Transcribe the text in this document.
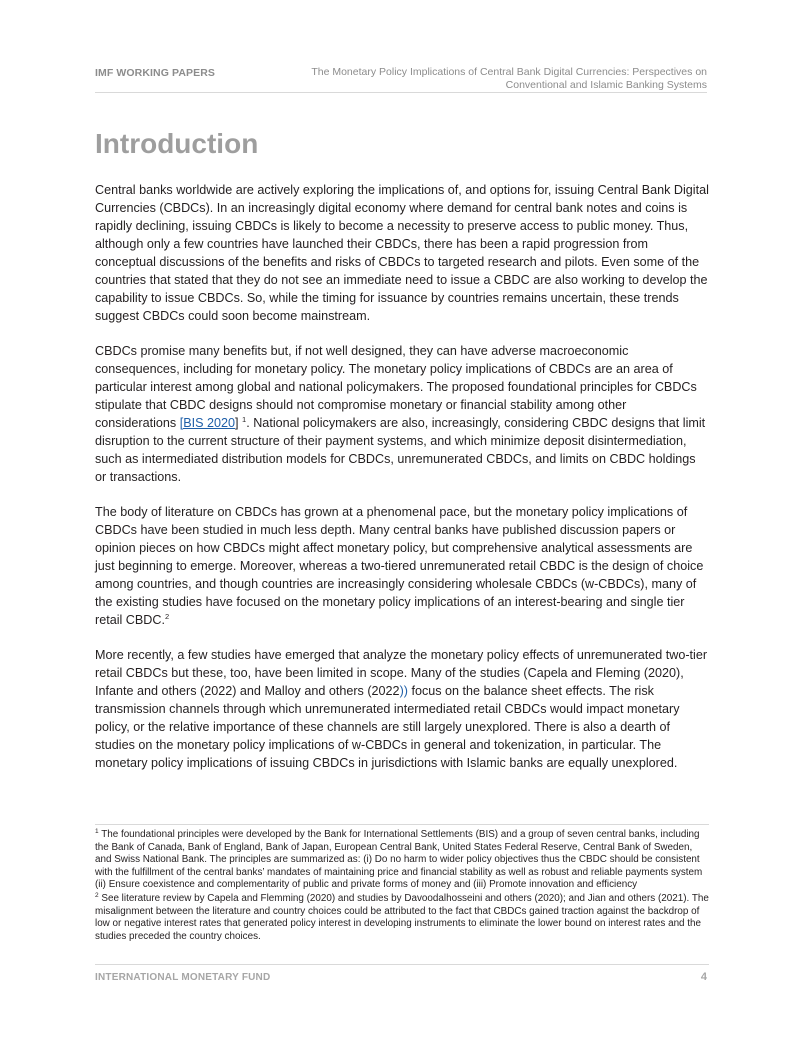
IMF WORKING PAPERS	The Monetary Policy Implications of Central Bank Digital Currencies: Perspectives on
Conventional and Islamic Banking Systems
Introduction

Central banks worldwide are actively exploring the implications of, and options for, issuing Central Bank Digital Currencies (CBDCs). In an increasingly digital economy where demand for central bank notes and coins is rapidly declining, issuing CBDCs is likely to become a necessity to preserve access to public money. Thus, although only a few countries have launched their CBDCs, there has been a rapid progression from conceptual discussions of the benefits and risks of CBDCs to targeted research and pilots. Even some of the countries that stated that they do not see an immediate need to issue a CBDC are also working to develop the capability to issue CBDCs. So, while the timing for issuance by countries remains uncertain, these trends suggest CBDCs could soon become mainstream.

CBDCs promise many benefits but, if not well designed, they can have adverse macroeconomic consequences, including for monetary policy. The monetary policy implications of CBDCs are an area of particular interest among global and national policymakers. The proposed foundational principles for CBDCs stipulate that CBDC designs should not compromise monetary or financial stability among other considerations [BIS 2020] $^1$. National policymakers are also, increasingly, considering CBDC designs that limit disruption to the current structure of their payment systems, and which minimize deposit disintermediation, such as intermediated distribution models for CBDCs, unremunerated CBDCs, and limits on CBDC holdings or transactions.

The body of literature on CBDCs has grown at a phenomenal pace, but the monetary policy implications of CBDCs have been studied in much less depth. Many central banks have published discussion papers or opinion pieces on how CBDCs might affect monetary policy, but comprehensive analytical assessments are just beginning to emerge. Moreover, whereas a two-tiered unremunerated retail CBDC is the design of choice among countries, and though countries are increasingly considering wholesale CBDCs (w-CBDCs), many of the existing studies have focused on the monetary policy implications of an interest-bearing and single tier retail CBDC.$^2$

More recently, a few studies have emerged that analyze the monetary policy effects of unremunerated two-tier retail CBDCs but these, too, have been limited in scope. Many of the studies (Capela and Fleming (2020), Infante and others (2022) and Malloy and others (2022)) focus on the balance sheet effects. The risk transmission channels through which unremunerated intermediated retail CBDCs would impact monetary policy, or the relative importance of these channels are still largely unexplored. There is also a dearth of studies on the monetary policy implications of w-CBDCs in general and tokenization, in particular. The monetary policy implications of issuing CBDCs in jurisdictions with Islamic banks are equally unexplored.

$^1$ The foundational principles were developed by the Bank for International Settlements (BIS) and a group of seven central banks, including the Bank of Canada, Bank of England, Bank of Japan, European Central Bank, United States Federal Reserve, Central Bank of Sweden, and Swiss National Bank. The principles are summarized as: (i) Do no harm to wider policy objectives thus the CBDC should be consistent with the fulfillment of the central banks’ mandates of maintaining price and financial stability as well as robust and reliable payments system (ii) Ensure coexistence and complementarity of public and private forms of money and (iii) Promote innovation and efficiency

$^2$ See literature review by Capela and Flemming (2020) and studies by Davoodalhosseini and others (2020); and Jian and others (2021). The misalignment between the literature and country choices could be attributed to the fact that CBDCs gained traction against the backdrop of low or negative interest rates that generated policy interest in developing instruments to eliminate the lower bound on interest rates and the studies preceded the country choices.

INTERNATIONAL MONETARY FUND	4
